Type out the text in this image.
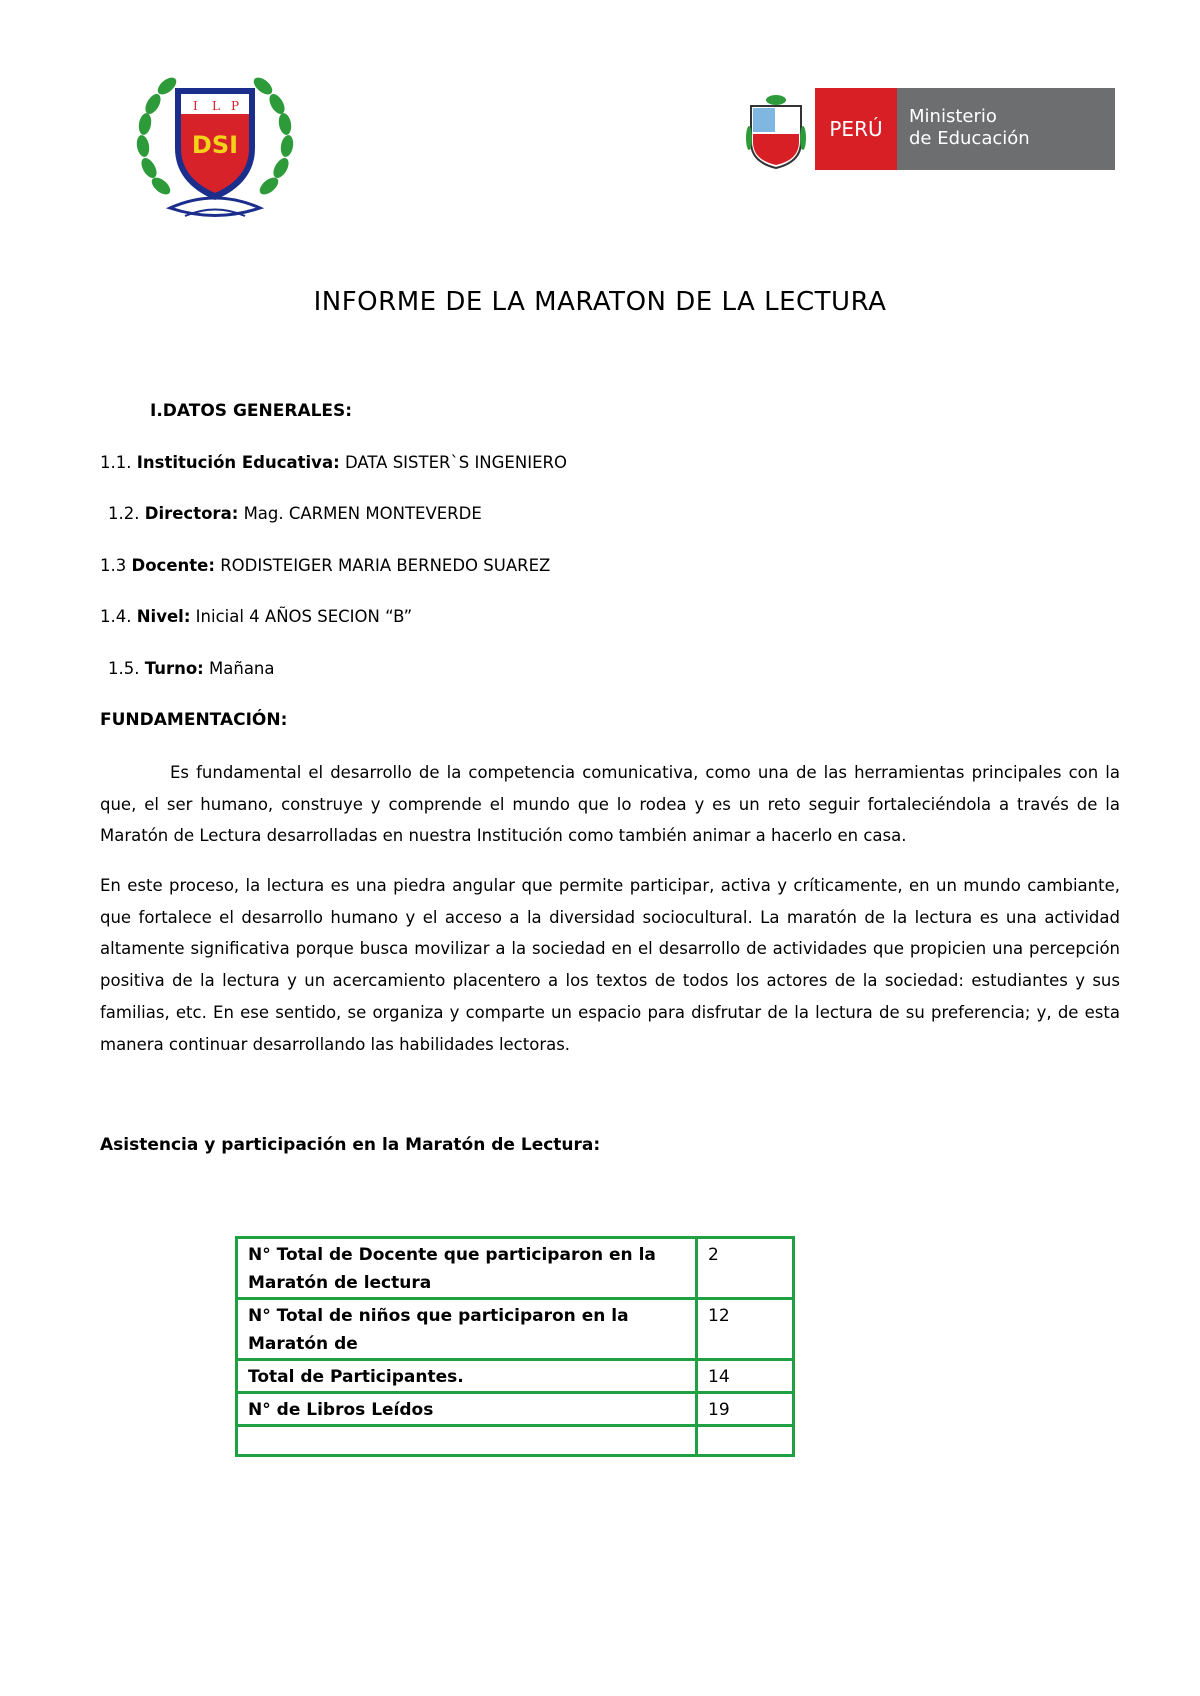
I L P
DSI
PERÚ
Ministerio
de Educación
INFORME DE LA MARATON DE LA LECTURA
I.DATOS GENERALES:
1.1. Institución Educativa: DATA SISTER`S INGENIERO
1.2. Directora: Mag. CARMEN MONTEVERDE
1.3 Docente: RODISTEIGER MARIA BERNEDO SUAREZ
1.4. Nivel: Inicial 4 AÑOS SECION “B”
1.5. Turno: Mañana
FUNDAMENTACIÓN:
Es fundamental el desarrollo de la competencia comunicativa, como una de las herramientas principales con la que, el ser humano, construye y comprende el mundo que lo rodea y es un reto seguir fortaleciéndola a través de la Maratón de Lectura desarrolladas en nuestra Institución como también animar a hacerlo en casa.
En este proceso, la lectura es una piedra angular que permite participar, activa y críticamente, en un mundo cambiante, que fortalece el desarrollo humano y el acceso a la diversidad sociocultural. La maratón de la lectura es una actividad altamente significativa porque busca movilizar a la sociedad en el desarrollo de actividades que propicien una percepción positiva de la lectura y un acercamiento placentero a los textos de todos los actores de la sociedad: estudiantes y sus familias, etc. En ese sentido, se organiza y comparte un espacio para disfrutar de la lectura de su preferencia; y, de esta manera continuar desarrollando las habilidades lectoras.
Asistencia y participación en la Maratón de Lectura:
N° Total de Docente que participaron en la Maratón de lectura	2
N° Total de niños que participaron en la Maratón de	12
Total de Participantes.	14
N° de Libros Leídos	19
